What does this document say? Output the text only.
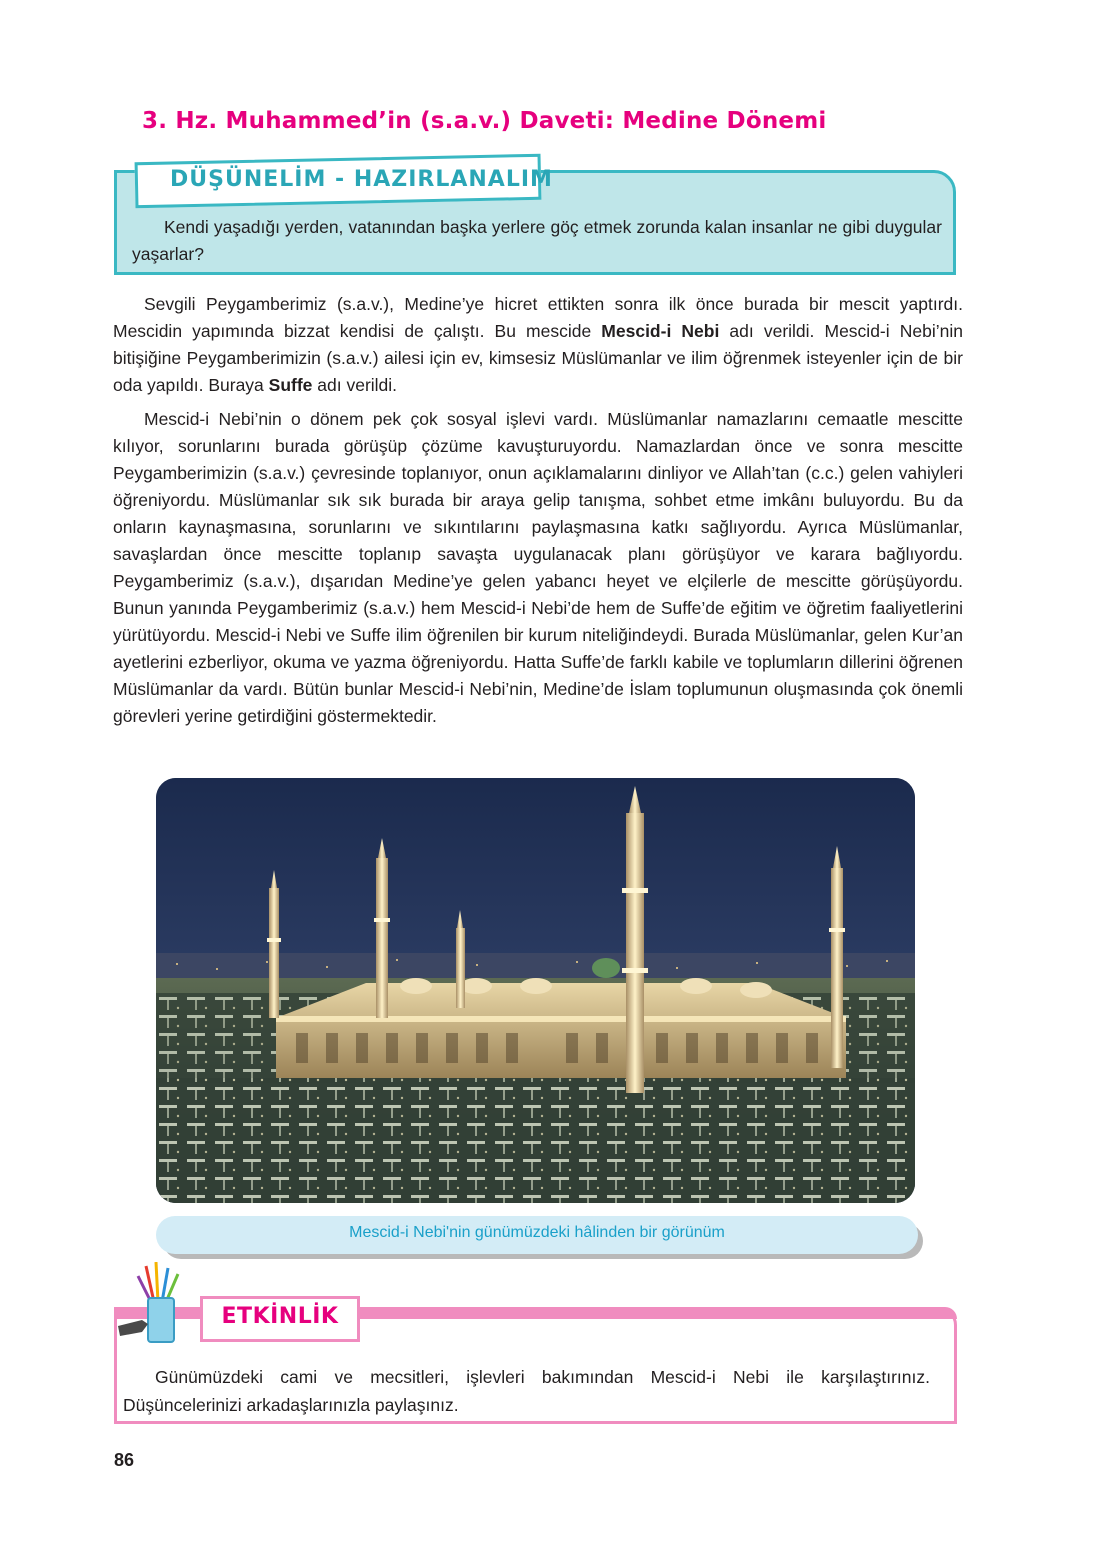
3. Hz. Muhammed’in (s.a.v.) Daveti: Medine Dönemi
DÜŞÜNELİM - HAZIRLANALIM

Kendi yaşadığı yerden, vatanından başka yerlere göç etmek zorunda kalan insanlar ne gibi duygular yaşarlar?

Sevgili Peygamberimiz (s.a.v.), Medine’ye hicret ettikten sonra ilk önce burada bir mescit yaptırdı. Mescidin yapımında bizzat kendisi de çalıştı. Bu mescide Mescid-i Nebi adı verildi. Mescid-i Nebi’nin bitişiğine Peygamberimizin (s.a.v.) ailesi için ev, kimsesiz Müslümanlar ve ilim öğrenmek isteyenler için de bir oda yapıldı. Buraya Suffe adı verildi.

Mescid-i Nebi’nin o dönem pek çok sosyal işlevi vardı. Müslümanlar namazlarını cemaatle mescitte kılıyor, sorunlarını burada görüşüp çözüme kavuşturuyordu. Namazlardan önce ve sonra mescitte Peygamberimizin (s.a.v.) çevresinde toplanıyor, onun açıklamalarını dinliyor ve Allah’tan (c.c.) gelen vahiyleri öğreniyordu. Müslümanlar sık sık burada bir araya gelip tanışma, sohbet etme imkânı buluyordu. Bu da onların kaynaşmasına, sorunlarını ve sıkıntılarını paylaşmasına katkı sağlıyordu. Ayrıca Müslümanlar, savaşlardan önce mescitte toplanıp savaşta uygulanacak planı görüşüyor ve karara bağlıyordu. Peygamberimiz (s.a.v.), dışarıdan Medine’ye gelen yabancı heyet ve elçilerle de mescitte görüşüyordu. Bunun yanında Peygamberimiz (s.a.v.) hem Mescid-i Nebi’de hem de Suffe’de eğitim ve öğretim faaliyetlerini yürütüyordu. Mescid-i Nebi ve Suffe ilim öğrenilen bir kurum niteliğindeydi. Burada Müslümanlar, gelen Kur’an ayetlerini ezberliyor, okuma ve yazma öğreniyordu. Hatta Suffe’de farklı kabile ve toplumların dillerini öğrenen Müslümanlar da vardı. Bütün bunlar Mescid-i Nebi’nin, Medine’de İslam toplumunun oluşmasında çok önemli görevleri yerine getirdiğini göstermektedir.

Mescid-i Nebi'nin günümüzdeki hâlinden bir görünüm
ETKİNLİK

Günümüzdeki cami ve mecsitleri, işlevleri bakımından Mescid-i Nebi ile karşılaştırınız. Düşüncelerinizi arkadaşlarınızla paylaşınız.

86
